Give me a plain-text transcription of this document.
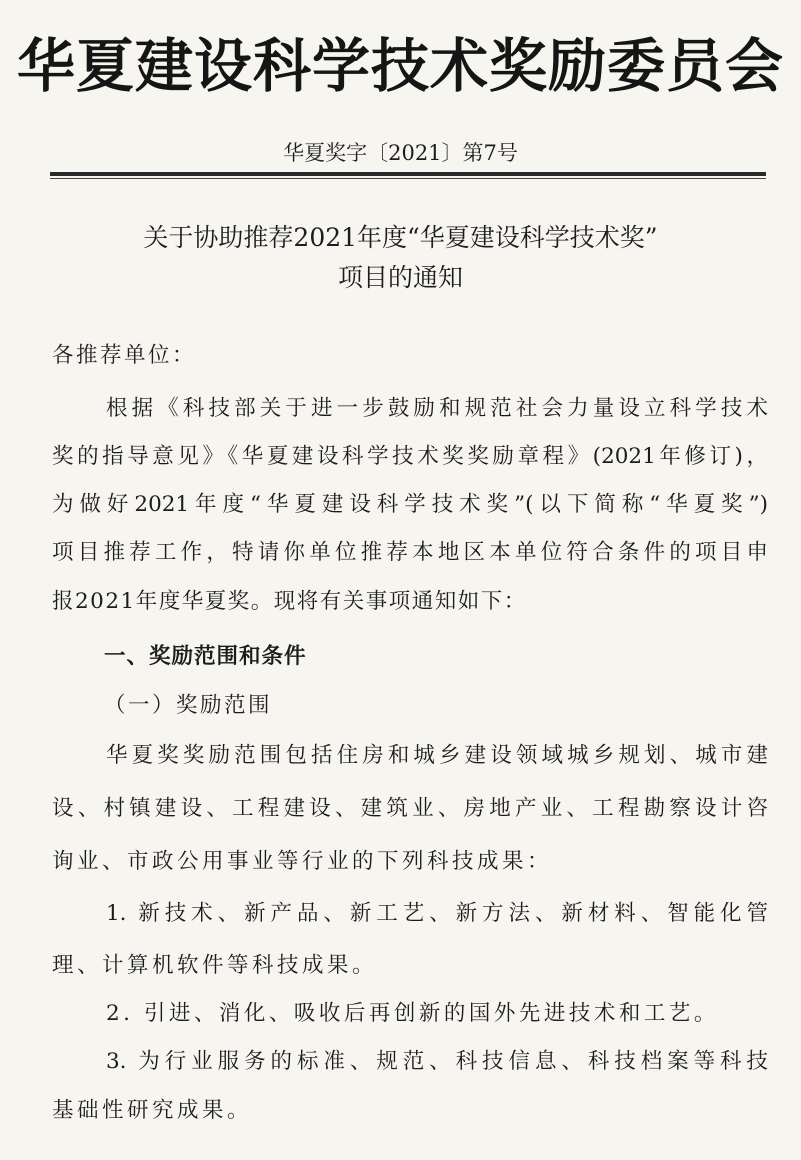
华夏建设科学技术奖励委员会
华夏奖字〔2021〕第7号
关于协助推荐2021年度“华夏建设科学技术奖”
项目的通知
各推荐单位：
根据《科技部关于进一步鼓励和规范社会力量设立科学技术
奖的指导意见》《华夏建设科学技术奖奖励章程》(2021年修订)，
为做好2021年度“华夏建设科学技术奖”(以下简称“华夏奖”)
项目推荐工作，特请你单位推荐本地区本单位符合条件的项目申
报2021年度华夏奖。现将有关事项通知如下：
一、奖励范围和条件
（一）奖励范围
华夏奖奖励范围包括住房和城乡建设领域城乡规划、城市建
设、村镇建设、工程建设、建筑业、房地产业、工程勘察设计咨
询业、市政公用事业等行业的下列科技成果：
1. 新技术、新产品、新工艺、新方法、新材料、智能化管
理、计算机软件等科技成果。
2. 引进、消化、吸收后再创新的国外先进技术和工艺。
3. 为行业服务的标准、规范、科技信息、科技档案等科技
基础性研究成果。
